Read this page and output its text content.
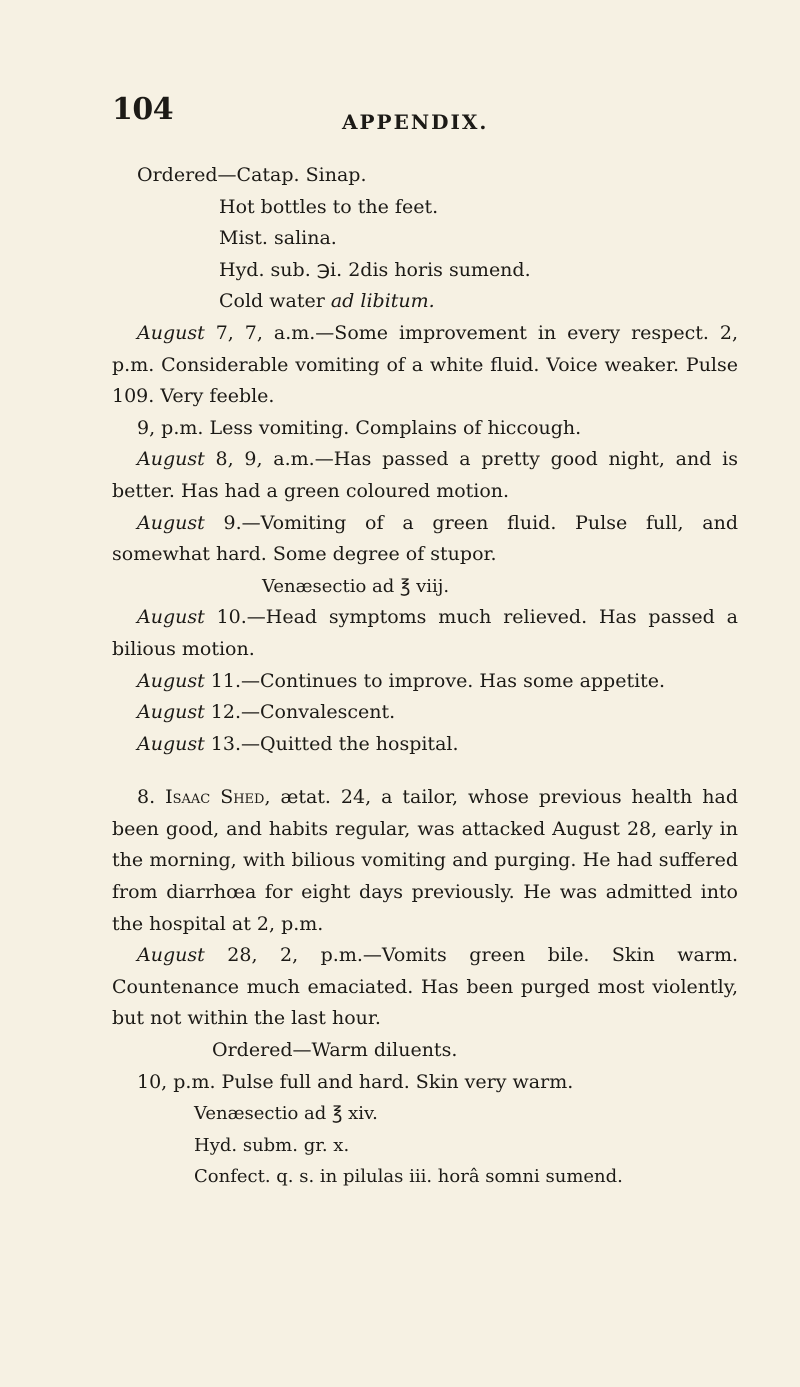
104	APPENDIX.
Ordered—Catap. Sinap.
Hot bottles to the feet.
Mist. salina.
Hyd. sub. ℈i. 2dis horis sumend.
Cold water ad libitum.

August 7, 7, a.m.—Some improvement in every respect. 2, p.m. Considerable vomiting of a white fluid. Voice weaker. Pulse 109. Very feeble.

9, p.m. Less vomiting. Complains of hiccough.

August 8, 9, a.m.—Has passed a pretty good night, and is better. Has had a green coloured motion.

August 9.—Vomiting of a green fluid. Pulse full, and somewhat hard. Some degree of stupor.

Venæsectio ad ℥ viij.

August 10.—Head symptoms much relieved. Has passed a bilious motion.

August 11.—Continues to improve. Has some appetite.

August 12.—Convalescent.

August 13.—Quitted the hospital.

8. Isaac Shed, ætat. 24, a tailor, whose previous health had been good, and habits regular, was attacked August 28, early in the morning, with bilious vomiting and purging. He had suffered from diarrhœa for eight days previously. He was admitted into the hospital at 2, p.m.

August 28, 2, p.m.—Vomits green bile. Skin warm. Countenance much emaciated. Has been purged most violently, but not within the last hour.

Ordered—Warm diluents.

10, p.m. Pulse full and hard. Skin very warm.

Venæsectio ad ℥ xiv.
Hyd. subm. gr. x.
Confect. q. s. in pilulas iii. horâ somni sumend.
